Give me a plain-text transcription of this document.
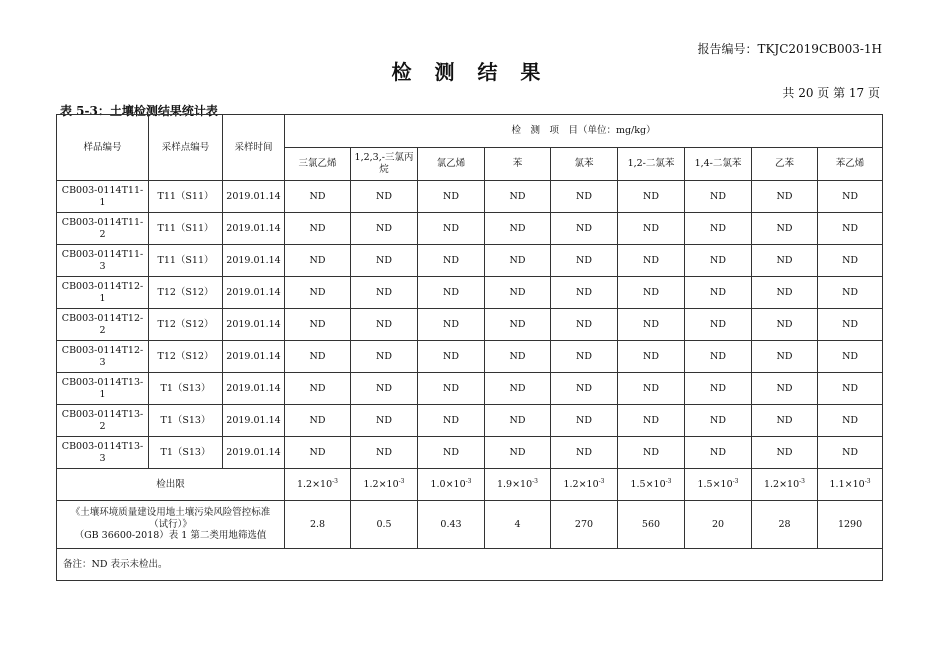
报告编号：TKJC2019CB003-1H
检 测 结 果
共 20 页 第 17 页
表 5-3：土壤检测结果统计表
样品编号	采样点编号	采样时间	检　测　项　目（单位：mg/kg）								
			三氯乙烯	1,2,3,-三氯丙烷	氯乙烯	苯	氯苯	1,2-二氯苯	1,4-二氯苯	乙苯	苯乙烯
CB003-0114T11-1	T11（S11）	2019.01.14	ND	ND	ND	ND	ND	ND	ND	ND	ND
CB003-0114T11-2	T11（S11）	2019.01.14	ND	ND	ND	ND	ND	ND	ND	ND	ND
CB003-0114T11-3	T11（S11）	2019.01.14	ND	ND	ND	ND	ND	ND	ND	ND	ND
CB003-0114T12-1	T12（S12）	2019.01.14	ND	ND	ND	ND	ND	ND	ND	ND	ND
CB003-0114T12-2	T12（S12）	2019.01.14	ND	ND	ND	ND	ND	ND	ND	ND	ND
CB003-0114T12-3	T12（S12）	2019.01.14	ND	ND	ND	ND	ND	ND	ND	ND	ND
CB003-0114T13-1	T1（S13）	2019.01.14	ND	ND	ND	ND	ND	ND	ND	ND	ND
CB003-0114T13-2	T1（S13）	2019.01.14	ND	ND	ND	ND	ND	ND	ND	ND	ND
CB003-0114T13-3	T1（S13）	2019.01.14	ND	ND	ND	ND	ND	ND	ND	ND	ND
检出限			$1.2\times 10^{-3}$	$1.2\times 10^{-3}$	$1.0\times 10^{-3}$	$1.9\times 10^{-3}$	$1.2\times 10^{-3}$	$1.5\times 10^{-3}$	$1.5\times 10^{-3}$	$1.2\times 10^{-3}$	$1.1\times 10^{-3}$

《土壤环境质量建设用地土壤污染风险管控标准
（试行）》
（GB 36600-2018）表 1 第二类用地筛选值			2.8	0.5	0.43	4	270	560	20	28	1290
备注：ND 表示未检出。											
